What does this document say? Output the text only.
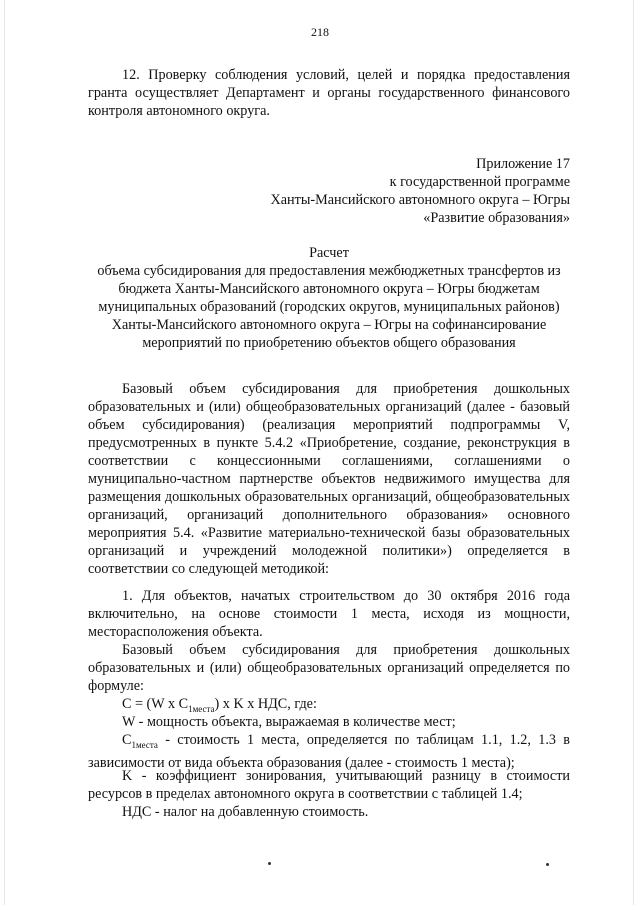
218

12. Проверку соблюдения условий, целей и порядка предоставления гранта осуществляет Департамент и органы государственного финансового контроля автономного округа.

Приложение 17
к государственной программе
Ханты-Мансийского автономного округа – Югры
«Развитие образования»
Расчет
объема субсидирования для предоставления межбюджетных трансфертов из бюджета Ханты-Мансийского автономного округа – Югры бюджетам муниципальных образований (городских округов, муниципальных районов) Ханты-Мансийского автономного округа – Югры на софинансирование мероприятий по приобретению объектов общего образования

Базовый объем субсидирования для приобретения дошкольных образовательных и (или) общеобразовательных организаций (далее - базовый объем субсидирования) (реализация мероприятий подпрограммы V, предусмотренных в пункте 5.4.2 «Приобретение, создание, реконструкция в соответствии с концессионными соглашениями, соглашениями о муниципально-частном партнерстве объектов недвижимого имущества для размещения дошкольных образовательных организаций, общеобразовательных организаций, организаций дополнительного образования» основного мероприятия 5.4. «Развитие материально-технической базы образовательных организаций и учреждений молодежной политики») определяется в соответствии со следующей методикой:

1. Для объектов, начатых строительством до 30 октября 2016 года включительно, на основе стоимости 1 места, исходя из мощности, месторасположения объекта.

Базовый объем субсидирования для приобретения дошкольных образовательных и (или) общеобразовательных организаций определяется по формуле:

C = (W x $C_{1места}$) x K x НДС, где:

W - мощность объекта, выражаемая в количестве мест;

$C_{1места}$ - стоимость 1 места, определяется по таблицам 1.1, 1.2, 1.3 в зависимости от вида объекта образования (далее - стоимость 1 места);

K - коэффициент зонирования, учитывающий разницу в стоимости ресурсов в пределах автономного округа в соответствии с таблицей 1.4;

НДС - налог на добавленную стоимость.
